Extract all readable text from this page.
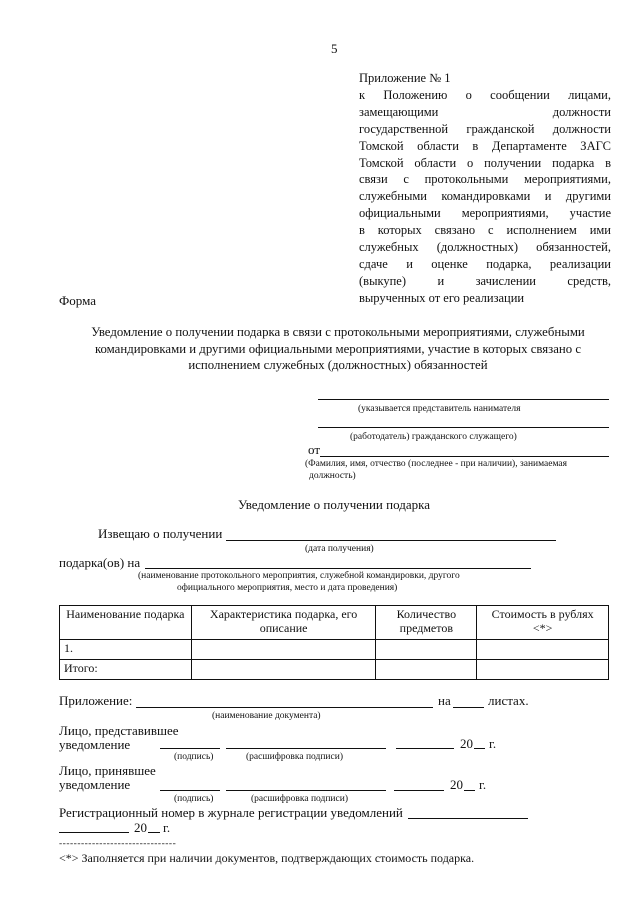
5
Приложение № 1
к Положению о сообщении лицами,
замещающими должности
государственной гражданской должности
Томской области в Департаменте ЗАГС
Томской области о получении подарка в
связи с протокольными мероприятиями,
служебными командировками и другими
официальными мероприятиями, участие
в которых связано с исполнением ими
служебных (должностных) обязанностей,
сдаче и оценке подарка, реализации
(выкупе) и зачислении средств,
вырученных от его реализации
Форма
Уведомление о получении подарка в связи с протокольными мероприятиями, служебными
командировками и другими официальными мероприятиями, участие в которых связано с
исполнением служебных (должностных) обязанностей
(указывается представитель нанимателя
(работодатель) гражданского служащего)
от
(Фамилия, имя, отчество (последнее - при наличии), занимаемая
должность)
Уведомление о получении подарка
Извещаю о получении
(дата получения)
подарка(ов) на
(наименование протокольного мероприятия, служебной командировки, другого
официального мероприятия, место и дата проведения)
Наименование подарка	Характеристика подарка, его описание	Количество предметов	Стоимость в рублях <*>
1.			
Итого:			
Приложение:	на	листах.
(наименование документа)
Лицо, представившее
уведомление	20 г.
(подпись)	(расшифровка подписи)
Лицо, принявшее
уведомление	20 г.
(подпись)	(расшифровка подписи)
Регистрационный номер в журнале регистрации уведомлений
20 г.
--------------------------------
<*> Заполняется при наличии документов, подтверждающих стоимость подарка.
